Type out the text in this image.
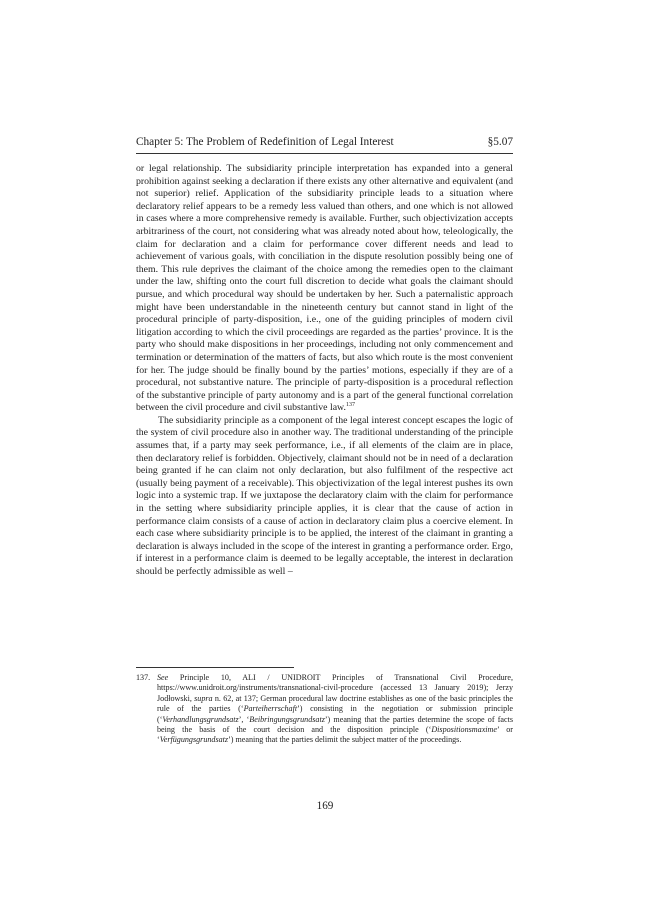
Chapter 5: The Problem of Redefinition of Legal Interest	§5.07

or legal relationship. The subsidiarity principle interpretation has expanded into a general prohibition against seeking a declaration if there exists any other alternative and equivalent (and not superior) relief. Application of the subsidiarity principle leads to a situation where declaratory relief appears to be a remedy less valued than others, and one which is not allowed in cases where a more comprehensive remedy is available. Further, such objectivization accepts arbitrariness of the court, not considering what was already noted about how, teleologically, the claim for declaration and a claim for performance cover different needs and lead to achievement of various goals, with conciliation in the dispute resolution possibly being one of them. This rule deprives the claimant of the choice among the remedies open to the claimant under the law, shifting onto the court full discretion to decide what goals the claimant should pursue, and which procedural way should be undertaken by her. Such a paternalistic approach might have been understandable in the nineteenth century but cannot stand in light of the procedural principle of party-disposition, i.e., one of the guiding principles of modern civil litigation according to which the civil proceedings are regarded as the parties’ province. It is the party who should make dispositions in her proceedings, including not only commencement and termination or determination of the matters of facts, but also which route is the most convenient for her. The judge should be finally bound by the parties’ motions, especially if they are of a procedural, not substantive nature. The principle of party-disposition is a procedural reflection of the substantive principle of party autonomy and is a part of the general functional correlation between the civil procedure and civil substantive law.$^{137}$

The subsidiarity principle as a component of the legal interest concept escapes the logic of the system of civil procedure also in another way. The traditional understanding of the principle assumes that, if a party may seek performance, i.e., if all elements of the claim are in place, then declaratory relief is forbidden. Objectively, claimant should not be in need of a declaration being granted if he can claim not only declaration, but also fulfilment of the respective act (usually being payment of a receivable). This objectivization of the legal interest pushes its own logic into a systemic trap. If we juxtapose the declaratory claim with the claim for performance in the setting where subsidiarity principle applies, it is clear that the cause of action in performance claim consists of a cause of action in declaratory claim plus a coercive element. In each case where subsidiarity principle is to be applied, the interest of the claimant in granting a declaration is always included in the scope of the interest in granting a performance order. Ergo, if interest in a performance claim is deemed to be legally acceptable, the interest in declaration should be perfectly admissible as well –

137. See Principle 10, ALI / UNIDROIT Principles of Transnational Civil Procedure, https://www.unidroit.org/instruments/transnational-civil-procedure (accessed 13 January 2019); Jerzy Jodłowski, supra n. 62, at 137; German procedural law doctrine establishes as one of the basic principles the rule of the parties (‘Parteiherrschaft’) consisting in the negotiation or submission principle (‘Verhandlungsgrundsatz’, ‘Beibringungsgrundsatz’) meaning that the parties determine the scope of facts being the basis of the court decision and the disposition principle (‘Dispositionsmaxime’ or ‘Verfügungsgrundsatz’) meaning that the parties delimit the subject matter of the proceedings.
169
